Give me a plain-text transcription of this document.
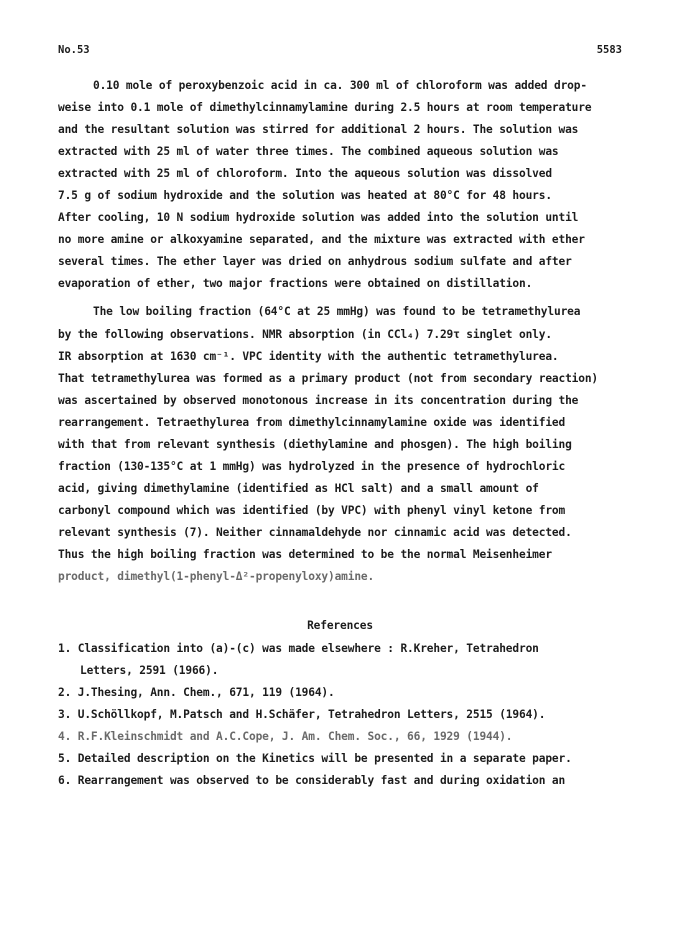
No.53	5583
0.10 mole of peroxybenzoic acid in ca. 300 ml of chloroform was added drop-
weise into 0.1 mole of dimethylcinnamylamine during 2.5 hours at room temperature
and the resultant solution was stirred for additional 2 hours. The solution was
extracted with 25 ml of water three times. The combined aqueous solution was
extracted with 25 ml of chloroform. Into the aqueous solution was dissolved
7.5 g of sodium hydroxide and the solution was heated at 80°C for 48 hours.
After cooling, 10 N sodium hydroxide solution was added into the solution until
no more amine or alkoxyamine separated, and the mixture was extracted with ether
several times. The ether layer was dried on anhydrous sodium sulfate and after
evaporation of ether, two major fractions were obtained on distillation.
The low boiling fraction (64°C at 25 mmHg) was found to be tetramethylurea
by the following observations. NMR absorption (in CCl₄) 7.29τ singlet only.
IR absorption at 1630 cm⁻¹. VPC identity with the authentic tetramethylurea.
That tetramethylurea was formed as a primary product (not from secondary reaction)
was ascertained by observed monotonous increase in its concentration during the
rearrangement. Tetraethylurea from dimethylcinnamylamine oxide was identified
with that from relevant synthesis (diethylamine and phosgen). The high boiling
fraction (130-135°C at 1 mmHg) was hydrolyzed in the presence of hydrochloric
acid, giving dimethylamine (identified as HCl salt) and a small amount of
carbonyl compound which was identified (by VPC) with phenyl vinyl ketone from
relevant synthesis (7). Neither cinnamaldehyde nor cinnamic acid was detected.
Thus the high boiling fraction was determined to be the normal Meisenheimer
product, dimethyl(1-phenyl-Δ²-propenyloxy)amine.
References
1. Classification into (a)-(c) was made elsewhere : R.Kreher, Tetrahedron
Letters, 2591 (1966).
2. J.Thesing, Ann. Chem., 671, 119 (1964).
3. U.Schöllkopf, M.Patsch and H.Schäfer, Tetrahedron Letters, 2515 (1964).
4. R.F.Kleinschmidt and A.C.Cope, J. Am. Chem. Soc., 66, 1929 (1944).
5. Detailed description on the Kinetics will be presented in a separate paper.
6. Rearrangement was observed to be considerably fast and during oxidation an
